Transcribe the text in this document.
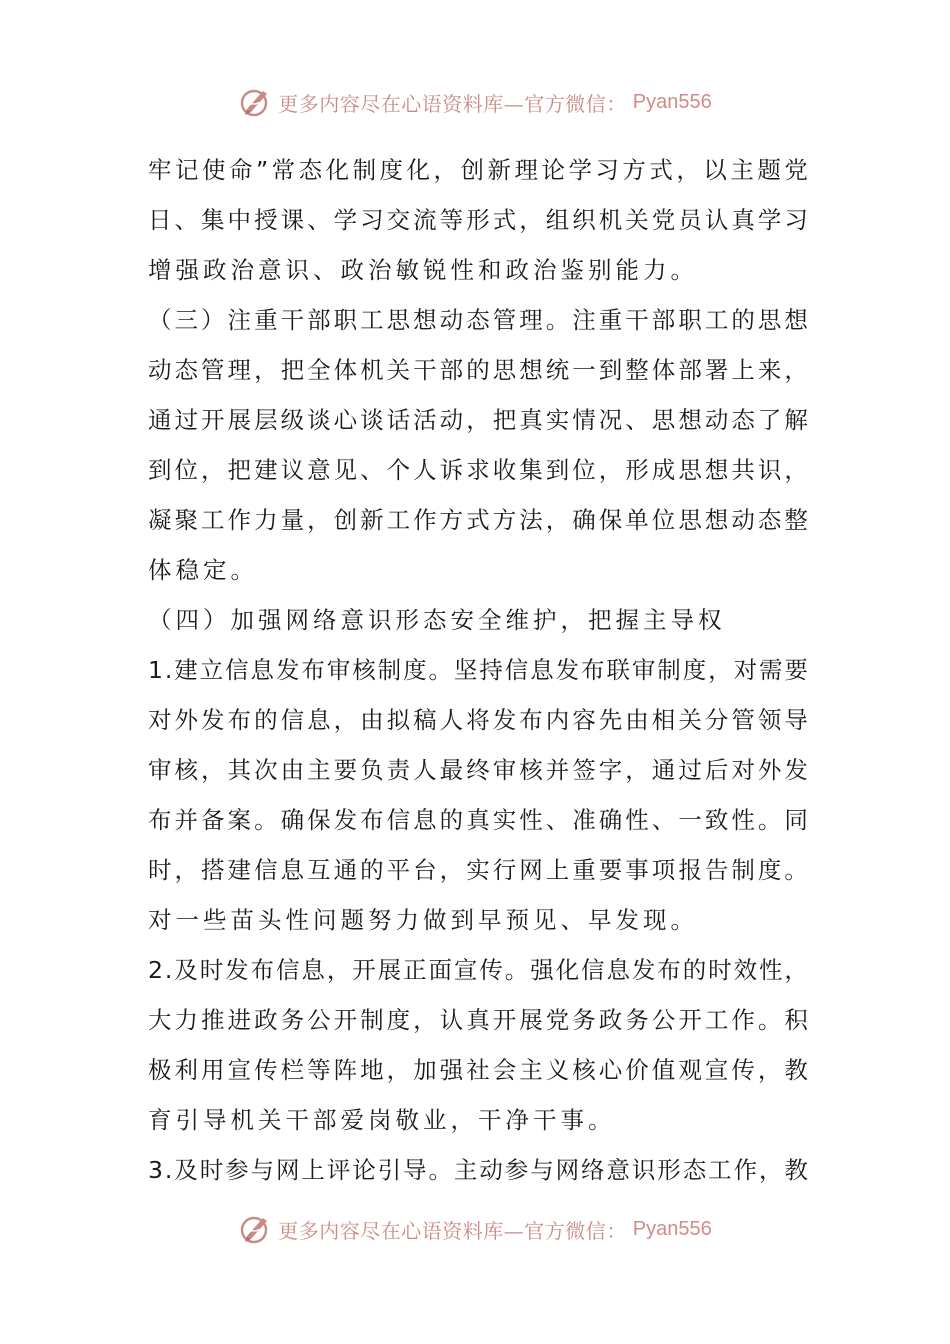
更多内容尽在心语资料库—官方微信： Pyan556
牢 记 使 命 ” 常 态 化 制 度 化 ， 创 新 理 论 学 习 方 式 ， 以 主 题 党
日 、 集 中 授 课 、 学 习 交 流 等 形 式 ， 组 织 机 关 党 员 认 真 学 习
增强政治意识、政治敏锐性和政治鉴别能力。
（ 三 ） 注 重 干 部 职 工 思 想 动 态 管 理 。 注 重 干 部 职 工 的 思 想
动 态 管 理 ， 把 全 体 机 关 干 部 的 思 想 统 一 到 整 体 部 署 上 来 ，
通 过 开 展 层 级 谈 心 谈 话 活 动 ， 把 真 实 情 况 、 思 想 动 态 了 解
到 位 ， 把 建 议 意 见 、 个 人 诉 求 收 集 到 位 ， 形 成 思 想 共 识 ，
凝 聚 工 作 力 量 ， 创 新 工 作 方 式 方 法 ， 确 保 单 位 思 想 动 态 整
体稳定。
（四）加强网络意识形态安全维护，把握主导权
1 . 建 立 信 息 发 布 审 核 制 度 。 坚 持 信 息 发 布 联 审 制 度 ， 对 需 要
对 外 发 布 的 信 息 ， 由 拟 稿 人 将 发 布 内 容 先 由 相 关 分 管 领 导
审 核 ， 其 次 由 主 要 负 责 人 最 终 审 核 并 签 字 ， 通 过 后 对 外 发
布 并 备 案 。 确 保 发 布 信 息 的 真 实 性 、 准 确 性 、 一 致 性 。 同
时 ， 搭 建 信 息 互 通 的 平 台 ， 实 行 网 上 重 要 事 项 报 告 制 度 。
对一些苗头性问题努力做到早预见、早发现。
2 . 及 时 发 布 信 息 ， 开 展 正 面 宣 传 。 强 化 信 息 发 布 的 时 效 性 ，
大 力 推 进 政 务 公 开 制 度 ， 认 真 开 展 党 务 政 务 公 开 工 作 。 积
极 利 用 宣 传 栏 等 阵 地 ， 加 强 社 会 主 义 核 心 价 值 观 宣 传 ， 教
育引导机关干部爱岗敬业，干净干事。
3 . 及 时 参 与 网 上 评 论 引 导 。 主 动 参 与 网 络 意 识 形 态 工 作 ， 教
更多内容尽在心语资料库—官方微信： Pyan556
